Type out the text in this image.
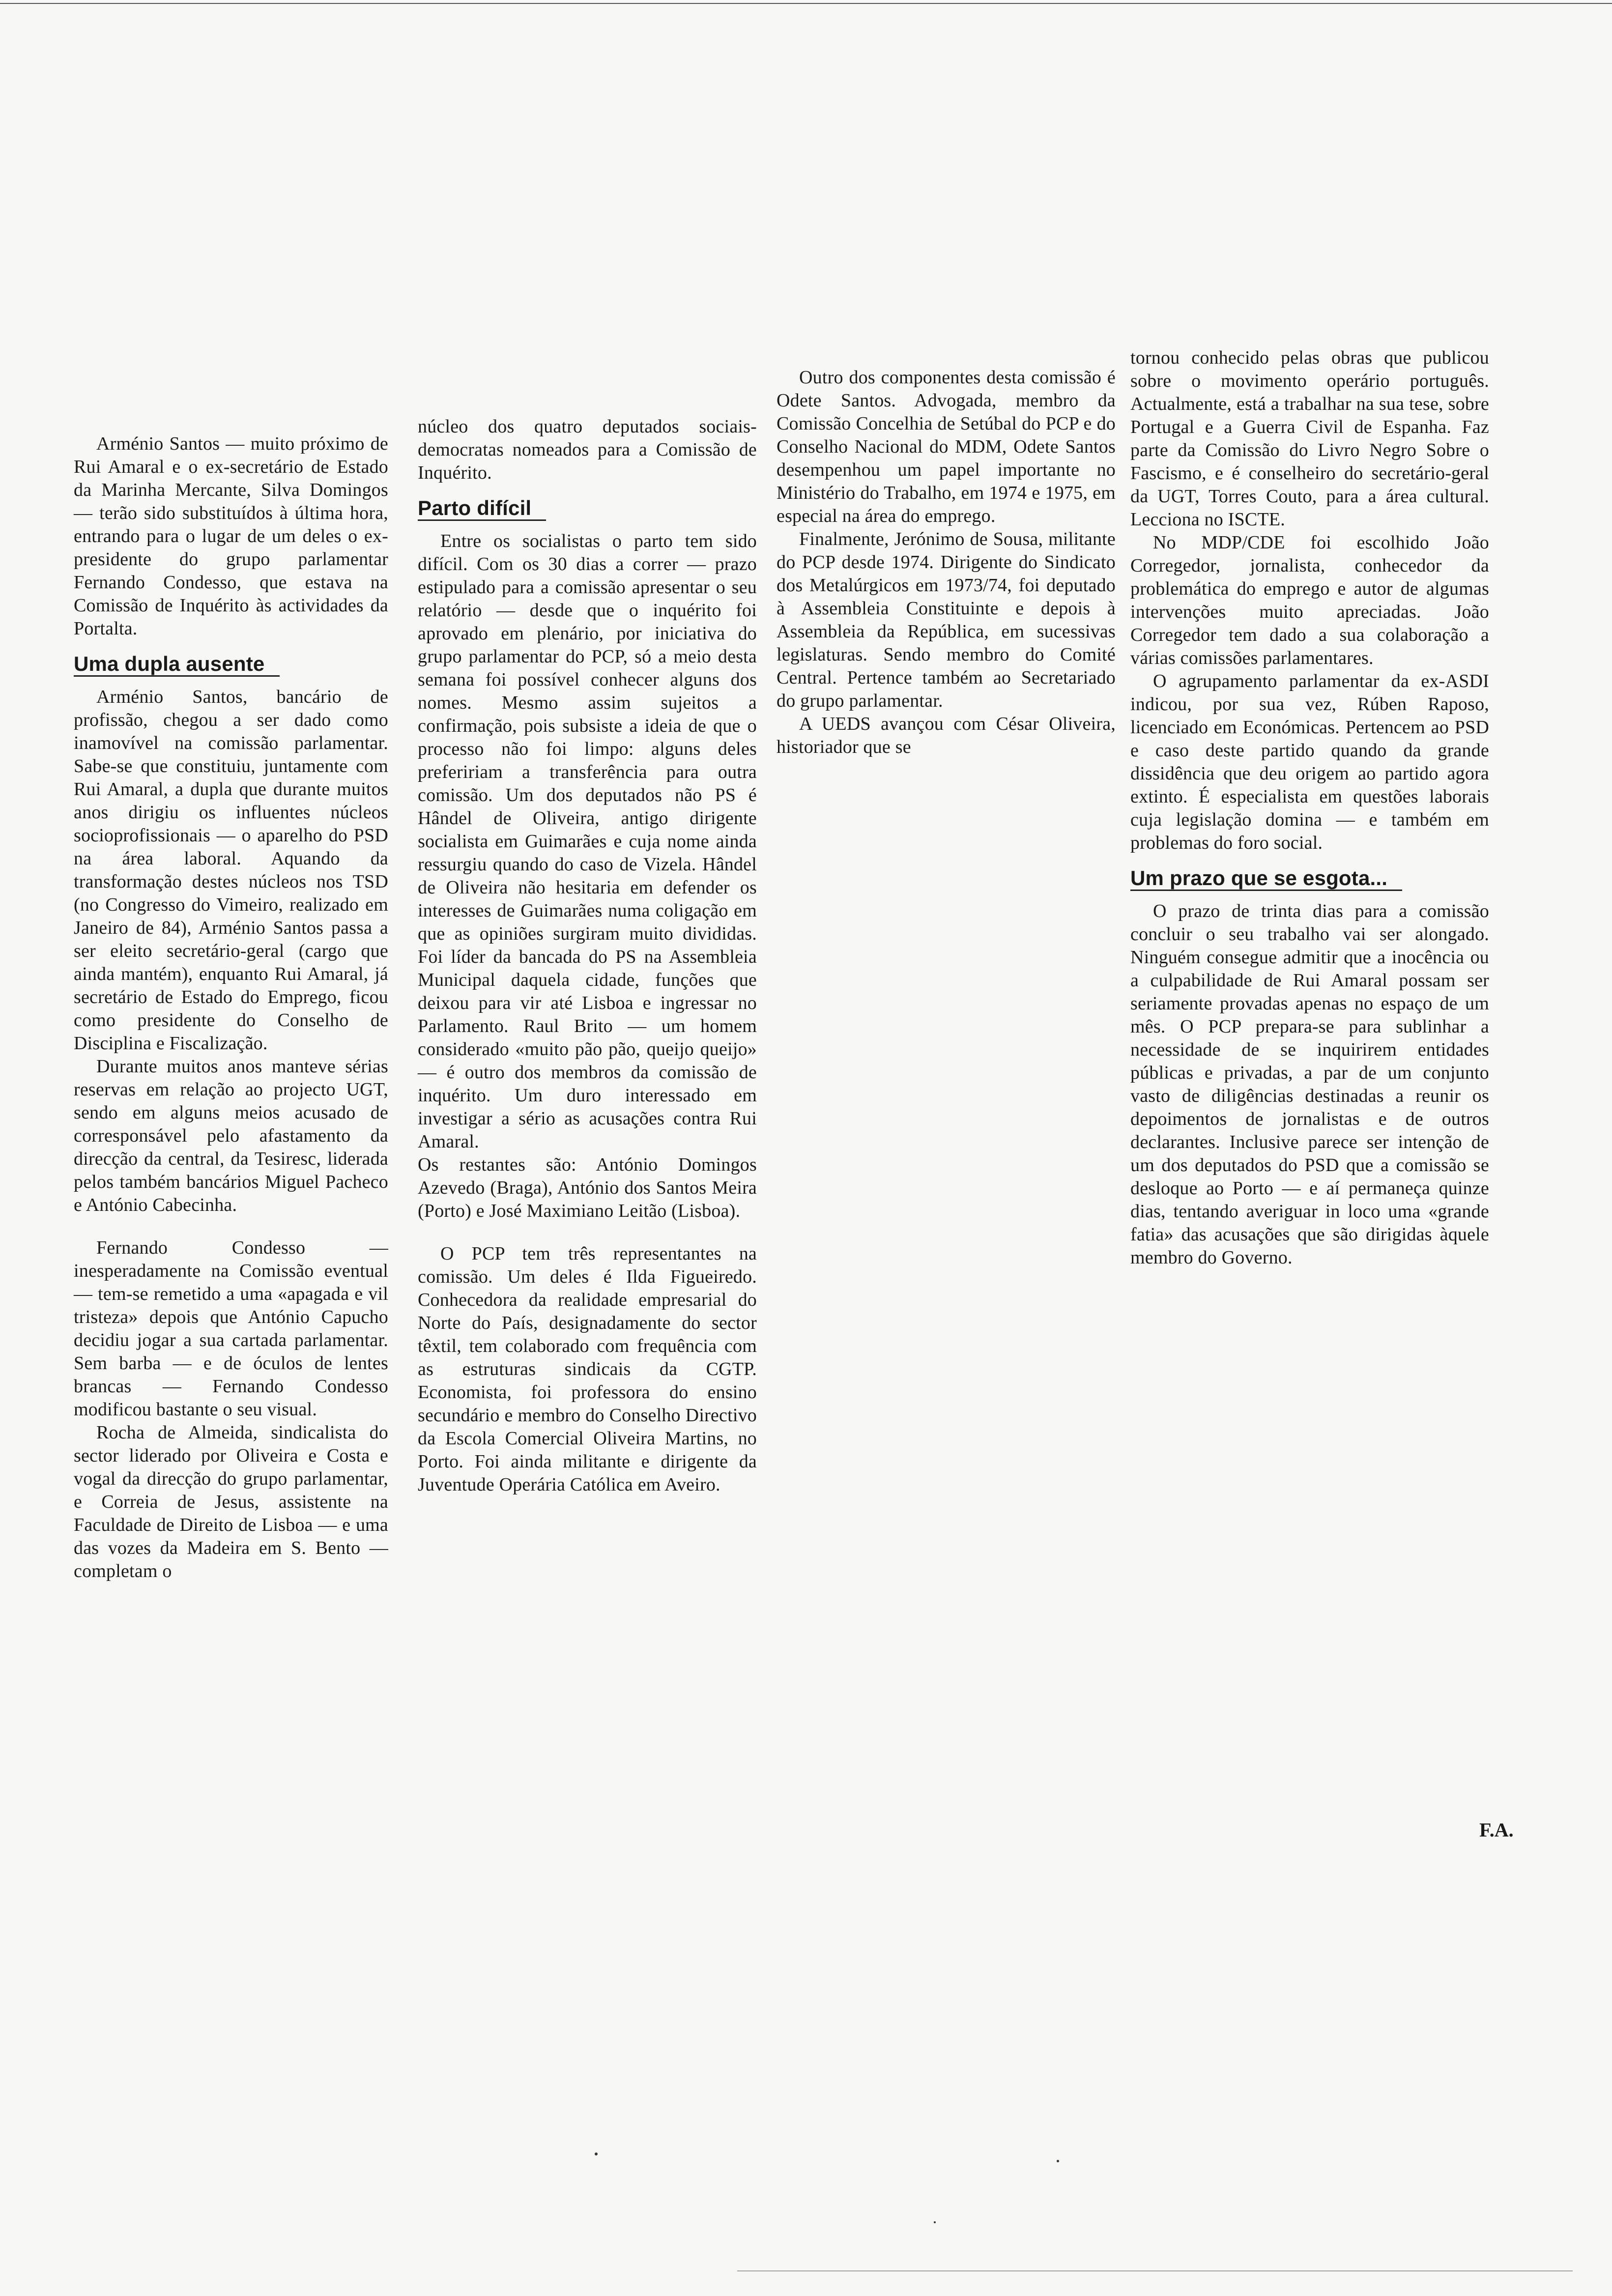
Arménio Santos — muito próximo de Rui Amaral e o ex-secretário de Estado da Marinha Mercante, Silva Domingos — terão sido substituídos à última hora, entrando para o lugar de um deles o ex-presidente do grupo parlamentar Fernando Condesso, que estava na Comissão de Inquérito às actividades da Portalta.

Uma dupla ausente

Arménio Santos, bancário de profissão, chegou a ser dado como inamovível na comissão parlamentar. Sabe-se que constituiu, juntamente com Rui Amaral, a dupla que durante muitos anos dirigiu os influentes núcleos socioprofissionais — o aparelho do PSD na área laboral. Aquando da transformação destes núcleos nos TSD (no Congresso do Vimeiro, realizado em Janeiro de 84), Arménio Santos passa a ser eleito secretário-geral (cargo que ainda mantém), enquanto Rui Amaral, já secretário de Estado do Emprego, ficou como presidente do Conselho de Disciplina e Fiscalização.

Durante muitos anos manteve sérias reservas em relação ao projecto UGT, sendo em alguns meios acusado de corresponsável pelo afastamento da direcção da central, da Tesiresc, liderada pelos também bancários Miguel Pacheco e António Cabecinha.

Fernando Condesso — inesperadamente na Comissão eventual — tem-se remetido a uma «apagada e vil tristeza» depois que António Capucho decidiu jogar a sua cartada parlamentar. Sem barba — e de óculos de lentes brancas — Fernando Condesso modificou bastante o seu visual.

Rocha de Almeida, sindicalista do sector liderado por Oliveira e Costa e vogal da direcção do grupo parlamentar, e Correia de Jesus, assistente na Faculdade de Direito de Lisboa — e uma das vozes da Madeira em S. Bento — completam o

núcleo dos quatro deputados sociais-democratas nomeados para a Comissão de Inquérito.

Parto difícil

Entre os socialistas o parto tem sido difícil. Com os 30 dias a correr — prazo estipulado para a comissão apresentar o seu relatório — desde que o inquérito foi aprovado em plenário, por iniciativa do grupo parlamentar do PCP, só a meio desta semana foi possível conhecer alguns dos nomes. Mesmo assim sujeitos a confirmação, pois subsiste a ideia de que o processo não foi limpo: alguns deles prefeririam a transferência para outra comissão. Um dos deputados não PS é Hândel de Oliveira, antigo dirigente socialista em Guimarães e cuja nome ainda ressurgiu quando do caso de Vizela. Hândel de Oliveira não hesitaria em defender os interesses de Guimarães numa coligação em que as opiniões surgiram muito divididas. Foi líder da bancada do PS na Assembleia Municipal daquela cidade, funções que deixou para vir até Lisboa e ingressar no Parlamento. Raul Brito — um homem considerado «muito pão pão, queijo queijo» — é outro dos membros da comissão de inquérito. Um duro interessado em investigar a sério as acusações contra Rui Amaral.

Os restantes são: António Domingos Azevedo (Braga), António dos Santos Meira (Porto) e José Maximiano Leitão (Lisboa).

O PCP tem três representantes na comissão. Um deles é Ilda Figueiredo. Conhecedora da realidade empresarial do Norte do País, designadamente do sector têxtil, tem colaborado com frequência com as estruturas sindicais da CGTP. Economista, foi professora do ensino secundário e membro do Conselho Directivo da Escola Comercial Oliveira Martins, no Porto. Foi ainda militante e dirigente da Juventude Operária Católica em Aveiro.

Outro dos componentes desta comissão é Odete Santos. Advogada, membro da Comissão Concelhia de Setúbal do PCP e do Conselho Nacional do MDM, Odete Santos desempenhou um papel importante no Ministério do Trabalho, em 1974 e 1975, em especial na área do emprego.

Finalmente, Jerónimo de Sousa, militante do PCP desde 1974. Dirigente do Sindicato dos Metalúrgicos em 1973/74, foi deputado à Assembleia Constituinte e depois à Assembleia da República, em sucessivas legislaturas. Sendo membro do Comité Central. Pertence também ao Secretariado do grupo parlamentar.

A UEDS avançou com César Oliveira, historiador que se

tornou conhecido pelas obras que publicou sobre o movimento operário português. Actualmente, está a trabalhar na sua tese, sobre Portugal e a Guerra Civil de Espanha. Faz parte da Comissão do Livro Negro Sobre o Fascismo, e é conselheiro do secretário-geral da UGT, Torres Couto, para a área cultural. Lecciona no ISCTE.

No MDP/CDE foi escolhido João Corregedor, jornalista, conhecedor da problemática do emprego e autor de algumas intervenções muito apreciadas. João Corregedor tem dado a sua colaboração a várias comissões parlamentares.

O agrupamento parlamentar da ex-ASDI indicou, por sua vez, Rúben Raposo, licenciado em Económicas. Pertencem ao PSD e caso deste partido quando da grande dissidência que deu origem ao partido agora extinto. É especialista em questões laborais cuja legislação domina — e também em problemas do foro social.

Um prazo que se esgota...

O prazo de trinta dias para a comissão concluir o seu trabalho vai ser alongado. Ninguém consegue admitir que a inocência ou a culpabilidade de Rui Amaral possam ser seriamente provadas apenas no espaço de um mês. O PCP prepara-se para sublinhar a necessidade de se inquirirem entidades públicas e privadas, a par de um conjunto vasto de diligências destinadas a reunir os depoimentos de jornalistas e de outros declarantes. Inclusive parece ser intenção de um dos deputados do PSD que a comissão se desloque ao Porto — e aí permaneça quinze dias, tentando averiguar in loco uma «grande fatia» das acusações que são dirigidas àquele membro do Governo.

F.A.
